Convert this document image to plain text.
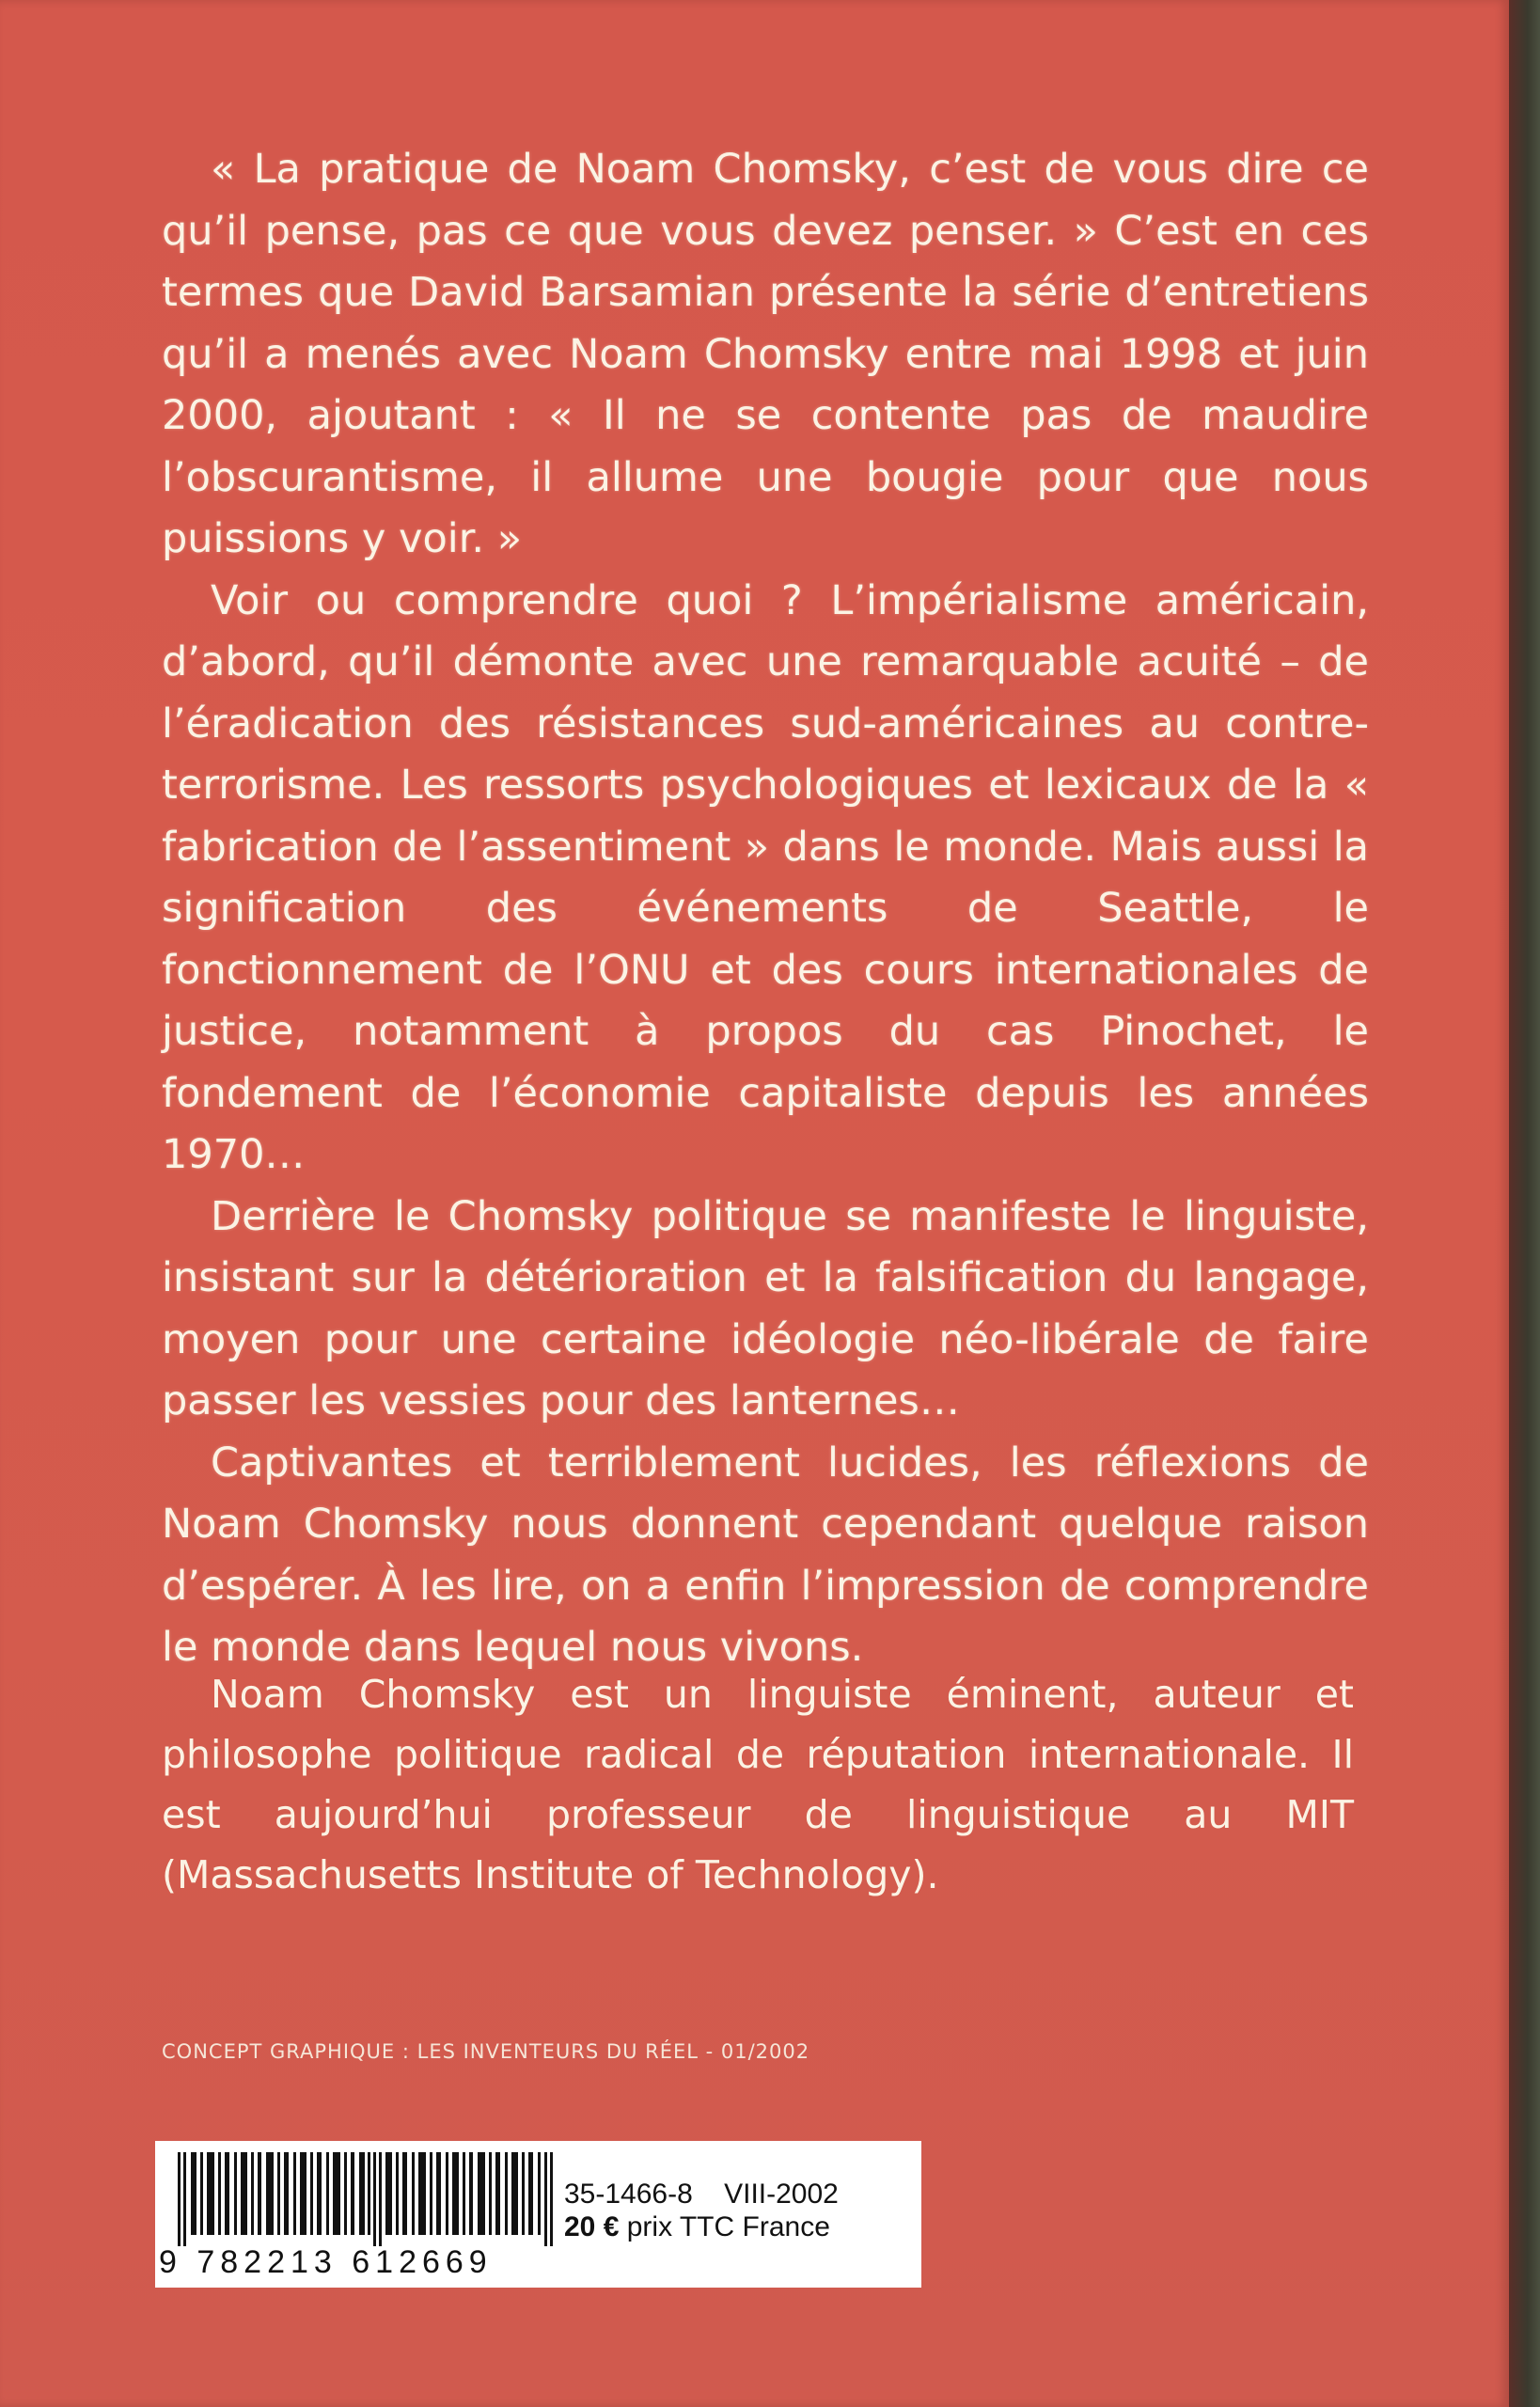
« La pratique de Noam Chomsky, c’est de vous dire ce qu’il pense, pas ce que vous devez penser. » C’est en ces termes que David Barsamian présente la série d’entretiens qu’il a menés avec Noam Chomsky entre mai 1998 et juin 2000, ajoutant : « Il ne se contente pas de maudire l’obscurantisme, il allume une bougie pour que nous puissions y voir. »

Voir ou comprendre quoi ? L’impérialisme américain, d’abord, qu’il démonte avec une remarquable acuité – de l’éradication des résistances sud-américaines au contre-terrorisme. Les ressorts psychologiques et lexicaux de la « fabrication de l’assentiment » dans le monde. Mais aussi la signification des événements de Seattle, le fonctionnement de l’ONU et des cours internationales de justice, notamment à propos du cas Pinochet, le fondement de l’économie capitaliste depuis les années 1970…

Derrière le Chomsky politique se manifeste le linguiste, insistant sur la détérioration et la falsification du langage, moyen pour une certaine idéologie néo-libérale de faire passer les vessies pour des lanternes…

Captivantes et terriblement lucides, les réflexions de Noam Chomsky nous donnent cependant quelque raison d’espérer. À les lire, on a enfin l’impression de comprendre le monde dans lequel nous vivons.

Noam Chomsky est un linguiste éminent, auteur et philosophe politique radical de réputation internationale. Il est aujourd’hui professeur de linguistique au MIT (Massachusetts Institute of Technology).

CONCEPT GRAPHIQUE : LES INVENTEURS DU RÉEL - 01/2002
9 782213 612669
35-1466-8    VIII-2002
20 € prix TTC France
